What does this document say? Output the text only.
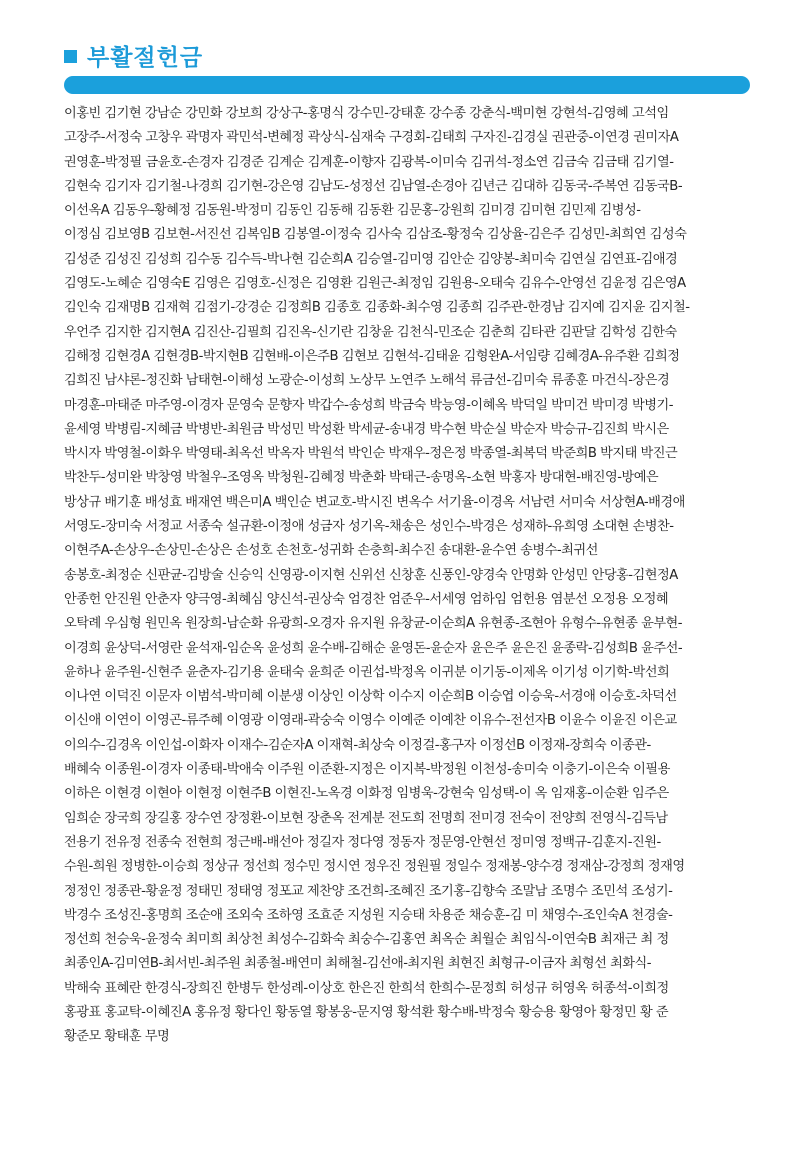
부활절헌금
이홍빈 김기현 강남순 강민화 강보희 강상구-홍명식 강수민-강태훈 강수종 강춘식-백미현 강현석-김영혜 고석임
고장주-서정숙 고창우 곽명자 곽민석-변혜정 곽상식-심재숙 구경회-김태희 구자진-김경실 권관중-이연경 권미자A
권영훈-박정필 금윤호-손경자 김경준 김계순 김계훈-이향자 김광복-이미숙 김귀석-정소연 김금숙 김금태 김기열-
김현숙 김기자 김기철-나경희 김기현-강은영 김남도-성정선 김남열-손경아 김년근 김대하 김동국-주복연 김동국B-
이선옥A 김동우-황혜정 김동원-박정미 김동인 김동해 김동환 김문홍-강원희 김미경 김미현 김민제 김병성-
이정심 김보영B 김보현-서진선 김복임B 김봉열-이정숙 김사숙 김삼조-황정숙 김상율-김은주 김성민-최희연 김성숙
김성준 김성진 김성희 김수동 김수득-박나현 김순희A 김승열-김미영 김안순 김양봉-최미숙 김연실 김연표-김애경
김영도-노혜순 김영숙E 김영은 김영호-신정은 김영환 김원근-최정임 김원용-오태숙 김유수-안영선 김윤정 김은영A
김인숙 김재명B 김재혁 김점기-강경순 김정희B 김종호 김종화-최수영 김종희 김주관-한경남 김지예 김지윤 김지철-
우언주 김지한 김지현A 김진산-김필희 김진옥-신기란 김창윤 김천식-민조순 김춘희 김타관 김판달 김학성 김한숙
김해정 김현경A 김현경B-박지현B 김현배-이은주B 김현보 김현석-김태윤 김형완A-서임량 김혜경A-유주환 김희정
김희진 남샤론-정진화 남태현-이해성 노광순-이성희 노상무 노연주 노해석 류금선-김미숙 류종훈 마건식-장은경
마경훈-마태준 마주영-이경자 문영숙 문향자 박갑수-송성희 박금숙 박능영-이혜옥 박덕일 박미건 박미경 박병기-
윤세영 박병림-지혜금 박병반-최원금 박성민 박성환 박세균-송내경 박수현 박순실 박순자 박승규-김진희 박시은
박시자 박영철-이화우 박영태-최옥선 박옥자 박원석 박인순 박재우-정은정 박종열-최복덕 박준희B 박지태 박진근
박찬두-성미완 박창영 박철우-조영옥 박청원-김혜정 박춘화 박태근-송명옥-소현 박홍자 방대현-배진영-방예은
방상규 배기훈 배성효 배재연 백은미A 백인순 변교호-박시진 변옥수 서기율-이경옥 서남련 서미숙 서상현A-배경애
서영도-장미숙 서정교 서종숙 설규환-이정애 성금자 성기옥-채송은 성인수-박경은 성재하-유희영 소대현 손병찬-
이현주A-손상우-손상민-손상은 손성호 손천호-성귀화 손충희-최수진 송대환-윤수연 송병수-최귀선
송봉호-최정순 신판균-김방술 신승익 신영광-이지현 신위선 신창훈 신풍인-양경숙 안명화 안성민 안당홍-김현정A
안종헌 안진원 안춘자 양극영-최혜심 양신석-권상숙 엄경찬 엄준우-서세영 엄하임 엄헌용 염분선 오정용 오정혜
오탁례 우심형 원민옥 원장희-남순화 유광희-오경자 유지원 유창균-이순희A 유현종-조현아 유형수-유현종 윤부현-
이경희 윤상덕-서영란 윤석재-임순옥 윤성희 윤수배-김해순 윤영돈-윤순자 윤은주 윤은진 윤종락-김성희B 윤주선-
윤하나 윤주원-신현주 윤춘자-김기용 윤태숙 윤희준 이권섭-박정옥 이귀분 이기동-이제옥 이기성 이기학-박선희
이나연 이덕진 이문자 이범석-박미혜 이분생 이상인 이상학 이수지 이순희B 이승엽 이승욱-서경애 이승호-차덕선
이신애 이연이 이영곤-류주혜 이영광 이영래-곽숭숙 이영수 이예준 이예찬 이유수-전선자B 이윤수 이윤진 이은교
이의수-김경옥 이인섭-이화자 이재수-김순자A 이재혁-최상숙 이정걸-홍구자 이정선B 이정재-장희숙 이종관-
배혜숙 이종원-이경자 이종태-박애숙 이주원 이준환-지정은 이지복-박정원 이천성-송미숙 이충기-이은숙 이필용
이하은 이현경 이현아 이현정 이현주B 이현진-노옥경 이화정 임병욱-강현숙 임성택-이 옥 임재홍-이순환 임주은
임희순 장국희 장길홍 장수연 장정환-이보현 장춘옥 전계분 전도희 전명희 전미경 전숙이 전양희 전영식-김득남
전용기 전유정 전종숙 전현희 정근배-배선아 정길자 정다영 정동자 정문영-안현선 정미영 정백규-김훈지-진원-
수원-희원 정병한-이승희 정상규 정선희 정수민 정시연 정우진 정원필 정일수 정재봉-양수경 정재삼-강정희 정재영
정정인 정종관-황윤정 정태민 정태영 정포교 제찬양 조건희-조혜진 조기홍-김향숙 조말남 조명수 조민석 조성기-
박경수 조성진-홍명희 조순애 조외숙 조하영 조효준 지성원 지승태 차용준 채승훈-김 미 채영수-조인숙A 천경술-
정선희 천승욱-윤정숙 최미희 최상천 최성수-김화숙 최숭수-김홍연 최옥순 최월순 최임식-이연숙B 최재근 최 정
최종인A-김미연B-최서빈-최주원 최종철-배연미 최해철-김선애-최지원 최현진 최형규-이금자 최형선 최화식-
박해숙 표혜란 한경식-장희진 한병두 한성례-이상호 한은진 한희석 한희수-문정희 허성규 허영옥 허종석-이희정
홍광표 홍교탁-이혜진A 홍유정 황다인 황동열 황봉웅-문지영 황석환 황수배-박정숙 황승용 황영아 황정민 황 준
황준모 황태훈 무명
